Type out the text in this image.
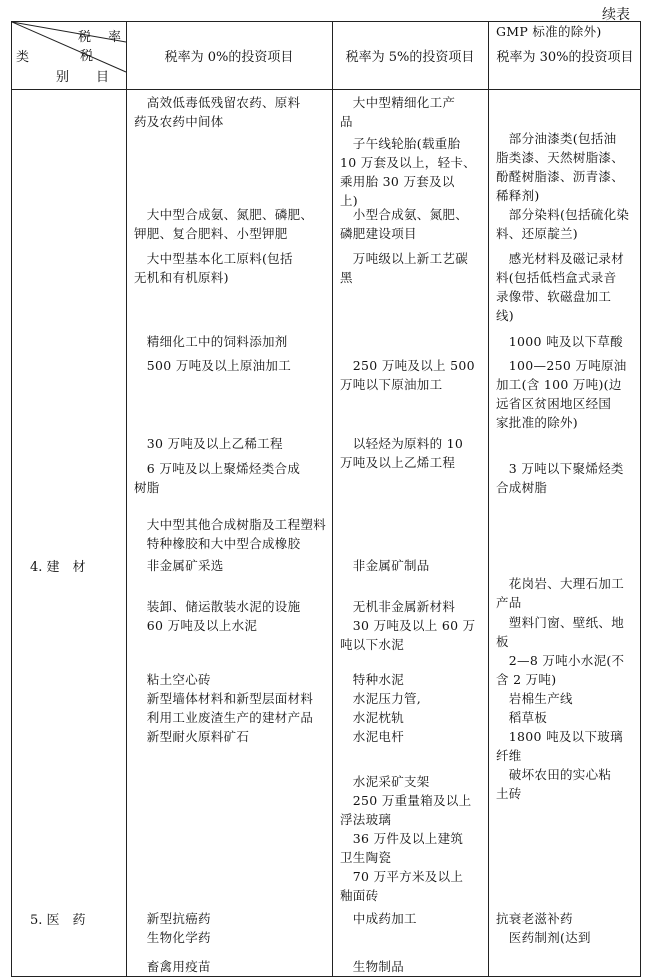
续表
税 率
税
类
目
别
税率为 0%的投资项目	税率为 5%的投资项目	税率为 30%的投资项目
4. 建　材
5. 医　药
　高效低毒低残留农药、原料
药及农药中间体
　大中型合成氨、氮肥、磷肥、
钾肥、复合肥料、小型钾肥
　大中型基本化工原料(包括
无机和有机原料)
　精细化工中的饲料添加剂
　500 万吨及以上原油加工
　30 万吨及以上乙稀工程
　6 万吨及以上聚烯烃类合成
树脂
　大中型其他合成树脂及工程塑料
　特种橡胶和大中型合成橡胶
　非金属矿采选
　装卸、储运散装水泥的设施
　60 万吨及以上水泥
　粘土空心砖
　新型墙体材料和新型层面材料
　利用工业废渣生产的建材产品
　新型耐火原料矿石
　新型抗癌药
　生物化学药
　畜禽用疫苗
　大中型精细化工产
品
　子午线轮胎(载重胎
10 万套及以上，轻卡、
乘用胎 30 万套及以
上)
　小型合成氨、氮肥、
磷肥建设项目
　万吨级以上新工艺碳
黑
　250 万吨及以上 500
万吨以下原油加工
　以轻烃为原料的 10
万吨及以上乙烯工程
　非金属矿制品
　无机非金属新材料
　30 万吨及以上 60 万
吨以下水泥
　特种水泥
　水泥压力管,
　水泥枕轨
　水泥电杆
　水泥采矿支架
　250 万重量箱及以上
浮法玻璃
　36 万件及以上建筑
卫生陶瓷
　70 万平方米及以上
釉面砖
　中成药加工
　生物制品
　部分油漆类(包括油
脂类漆、天然树脂漆、
酚醛树脂漆、沥青漆、
稀释剂)
　部分染料(包括硫化染
料、还原靛兰)
　感光材料及磁记录材
料(包括低档盒式录音
录像带、软磁盘加工
线)
　1000 吨及以下草酸
　100—250 万吨原油
加工(含 100 万吨)(边
远省区贫困地区经国
家批准的除外)
　3 万吨以下聚烯烃类
合成树脂
　花岗岩、大理石加工
产品
　塑料门窗、壁纸、地
板
　2—8 万吨小水泥(不
含 2 万吨)
　岩棉生产线
　稻草板
　1800 吨及以下玻璃
纤维
　破坏农田的实心粘
土砖
抗衰老滋补药
　医药制剂(达到
GMP 标准的除外)
